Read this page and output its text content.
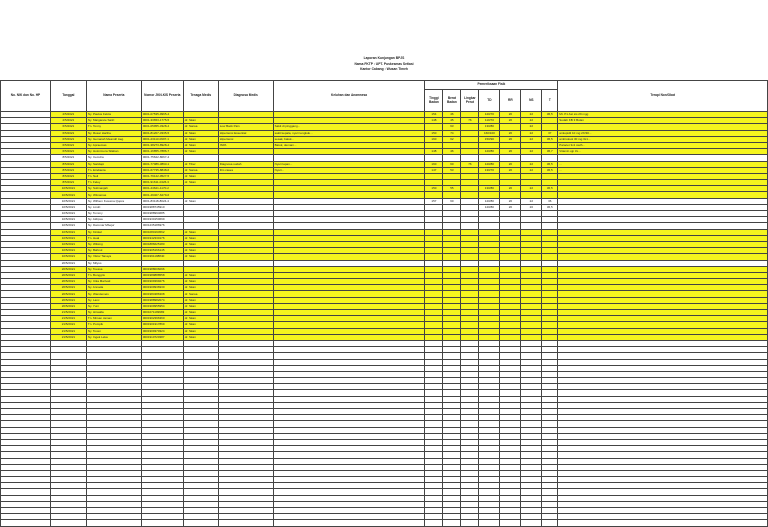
Laporan Kunjungan BPJS
Nama FKTP : UPT. Puskesmas Setiasi
Kantor Cabang : Wusan Timeh
No. NIK dan No. HP	Tanggal	Nama Peserta	Nomor JKN-KIS Peserta	Tenaga Medis	Diagnosa Medis	Keluhan dan Anamnesa	Pemeriksaan Fisik							Terapi Non/Obat
							Tinggi Badan	Berat Badan	Lingkar Perut	TD	RR	NS	T	
	2/5/2021	Ny. Paulus Felcia	0001-07535-9965-4				154	46		120/70	20	22	36,5	Mt. P1 Ast sis 29 mgg
	2/5/2021	Ny. Margarete Saitri	0001-33653-1775-5	dr. Skan			148	45	76	110/70	20	22		Sudah KB 3 Bulan
	6/5/2021	Tn. Tonny	0001-05955-3328-4	dr. Sansa	Low Back Pain	Sakit di pinggang...		63		130/80		22		
	6/5/2021	Ny. Rosar Hartha	0001-81207-3335-5	dr. Skan	Hipertensi Essential	sakit kepala, nyeri tengkuk...	150	74		160/100	20	22	37	amlopidil 10 mg 2X/30...
	6/5/2021	Ny. Gemarah Meandri Aeg.	0001-23113-0997-1	dr. Skan	Hipertensi	sesak, batuk...	160	62		150/90	20	22	36,5	ambroksol 30 mg 3x1...
	6/5/2021	Ny. Apraemas	0001-38273-8928-4	dr. Skan	ISPA	Batuk, demam...								Paracet 3x1 stelh...
	6/5/2021	Ny. Hotmimora Silaban	0001-16855-7886-7	dr. Skan			148	46		120/80	20	22	36,7	Vitamin ojp 3x...
	8/5/2021	Ny. Cemdra	0001-75622-8067-4											
	8/5/2021	Ny. Saridapi	0001-77086-3893-1	dr. Tiber	Diagnosa sudah	Nyeri lapan...	160	60	76	120/80	20	22	36,5	...
	8/5/2021	Tn. Eindianta	0001-67735-8848-6	dr. Sansa	Dm cases	Nyeri...	147	53		130/70	20	22	36,5	...
	8/5/2021	Tn. Neil	0001-79122-0527-5	dr. Skan										
	8/5/2021	Tn. Feley	0001-91611-0426-3	dr. Skan										
	10/5/2021	Ny. Sulimanjah	0001-44621-1170-2				150	55		130/80	20	22	36,5	
	10/5/2021	Ny. Witnamas	0001-49407-6279-6											
	10/5/2021	Ny. Wilhem Kusuma Qqora	0001-83118-8024-4	dr. Skan			157	60		120/80	20	22	36	
	10/5/2021	Ny. Lindri	0001988745910							120/80	20	20	36,5	
	10/5/2021	Ny. Tommy	0001988994685											
	10/5/2021	Ny. Aldipsa	0001930150699											
	10/5/2021	Ny. Dammar Mbejur	0001235186976											
	10/5/2021	Ny. Kinikel	0001080194562	dr. Skan										
	10/5/2021	Tn. Heal	0001942330176	dr. Skan										
	10/5/2021	Ny. Wilsing	0001886625180	dr. Skan										
	10/5/2021	Ny. Bahnul	0001905166145	dr. Skan										
	10/5/2021	Ny. Viktor Tanaya	0001991198840	dr. Skan										
	20/5/2021	Ny. Milyus												
	20/5/2021	Ny. Toessa	0001988006096											
	20/5/2021	Tn. Bonggris	0001989888558	dr. Skan										
	20/5/2021	Ny. Cika Marivati	0001909399276	dr. Skan										
	20/5/2021	Ny. Annada	0001909936930	dr. Skan										
	20/5/2021	Ny. Wandemeis	0001984386308	dr. Sansa										
	20/5/2021	Ny. Lanc	0001988982074	dr. Skan										
	20/5/2021	Ny. Yuni	0001909955954	dr. Skan										
	21/5/2021	Ny. Hinsalla	0001071199983	dr. Skan										
	21/5/2021	Tn. Mirsan Jaman	0001902396360	dr. Skan										
	21/5/2021	Tn. Pompik	0001901917869	dr. Skan										
	21/5/2021	Ny. Toxen	0001909370324	dr. Skan										
	21/5/2021	Ny. Ingek Leka	0001910720387	dr. Skan										
